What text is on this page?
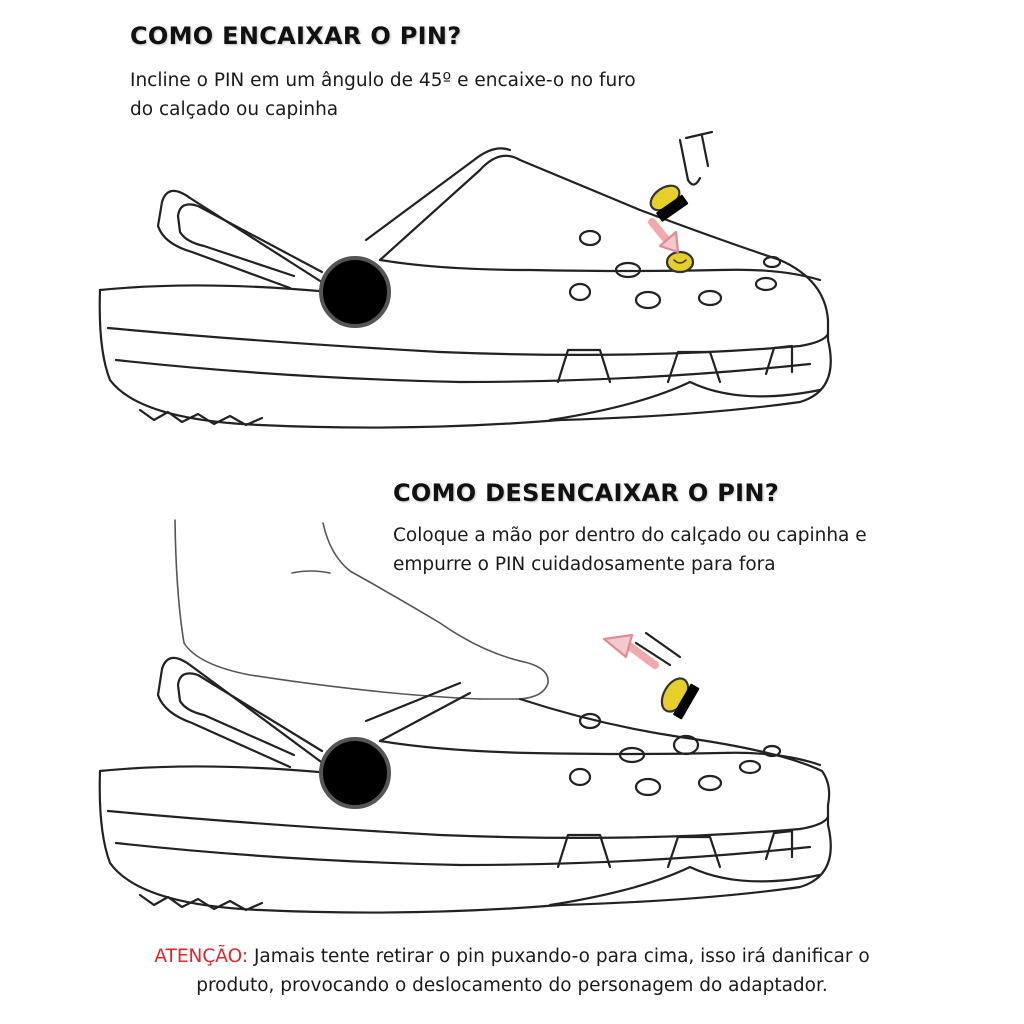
COMO ENCAIXAR O PIN?

Incline o PIN em um ângulo de 45º e encaixe-o no furo
do calçado ou capinha

COMO DESENCAIXAR O PIN?

Coloque a mão por dentro do calçado ou capinha e
empurre o PIN cuidadosamente para fora

ATENÇÃO: Jamais tente retirar o pin puxando-o para cima, isso irá danificar o
produto, provocando o deslocamento do personagem do adaptador.
